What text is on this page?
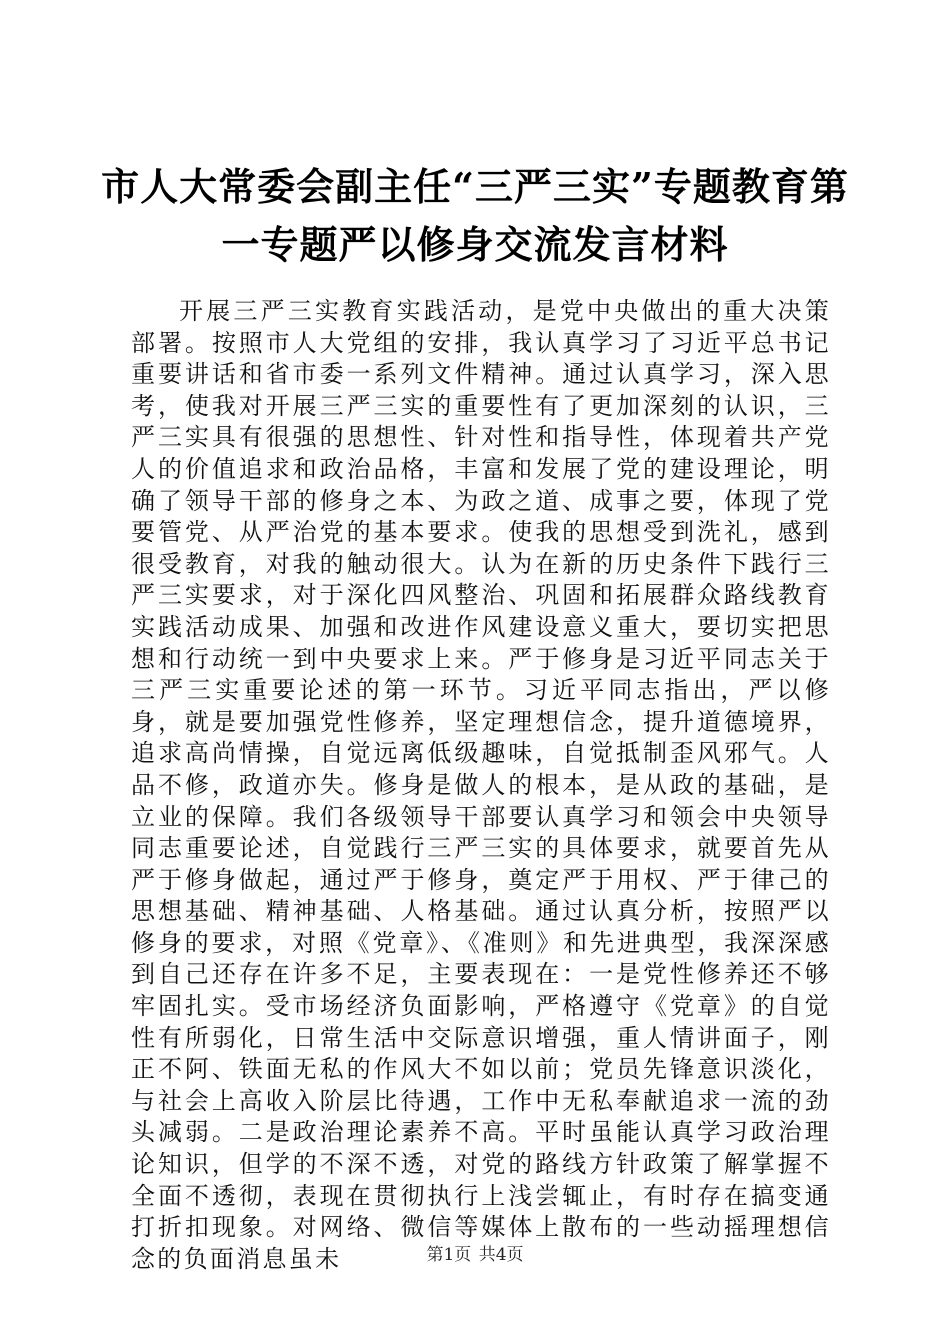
市人大常委会副主任“三严三实”专题教育第
一专题严以修身交流发言材料

开展三严三实教育实践活动，是党中央做出的重大决策部署。按照市人大党组的安排，我认真学习了习近平总书记重要讲话和省市委一系列文件精神。通过认真学习，深入思考，使我对开展三严三实的重要性有了更加深刻的认识，三严三实具有很强的思想性、针对性和指导性，体现着共产党人的价值追求和政治品格，丰富和发展了党的建设理论，明确了领导干部的修身之本、为政之道、成事之要，体现了党要管党、从严治党的基本要求。使我的思想受到洗礼，感到很受教育，对我的触动很大。认为在新的历史条件下践行三严三实要求，对于深化四风整治、巩固和拓展群众路线教育实践活动成果、加强和改进作风建设意义重大，要切实把思想和行动统一到中央要求上来。严于修身是习近平同志关于三严三实重要论述的第一环节。习近平同志指出，严以修身，就是要加强党性修养，坚定理想信念，提升道德境界，追求高尚情操，自觉远离低级趣味，自觉抵制歪风邪气。人品不修，政道亦失。修身是做人的根本，是从政的基础，是立业的保障。我们各级领导干部要认真学习和领会中央领导同志重要论述，自觉践行三严三实的具体要求，就要首先从严于修身做起，通过严于修身，奠定严于用权、严于律己的思想基础、精神基础、人格基础。通过认真分析，按照严以修身的要求，对照《党章》、《准则》和先进典型，我深深感到自己还存在许多不足，主要表现在：一是党性修养还不够牢固扎实。受市场经济负面影响，严格遵守《党章》的自觉性有所弱化，日常生活中交际意识增强，重人情讲面子，刚正不阿、铁面无私的作风大不如以前；党员先锋意识淡化，与社会上高收入阶层比待遇，工作中无私奉献追求一流的劲头减弱。二是政治理论素养不高。平时虽能认真学习政治理论知识，但学的不深不透，对党的路线方针政策了解掌握不全面不透彻，表现在贯彻执行上浅尝辄止，有时存在搞变通打折扣现象。对网络、微信等媒体上散布的一些动摇理想信念的负面消息虽未	第1页 共4页
